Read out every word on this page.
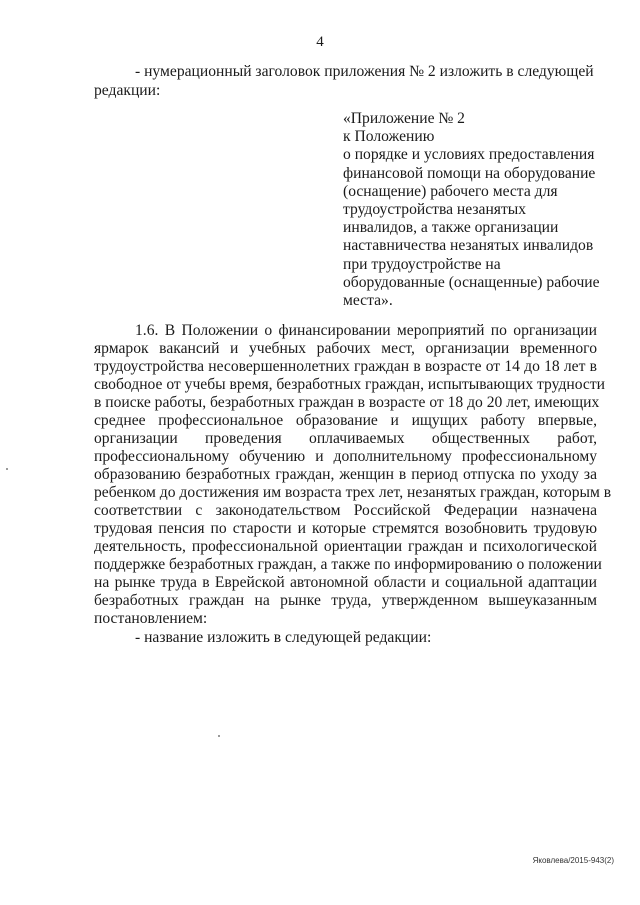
4
- нумерационный заголовок приложения № 2 изложить в следующей
редакции:
«Приложение № 2
к Положению
о порядке и условиях предоставления
финансовой помощи на оборудование
(оснащение) рабочего места для
трудоустройства незанятых
инвалидов, а также организации
наставничества незанятых инвалидов
при трудоустройстве на
оборудованные (оснащенные) рабочие
места».
1.6. В Положении о финансировании мероприятий по организации
ярмарок вакансий и учебных рабочих мест, организации временного
трудоустройства несовершеннолетних граждан в возрасте от 14 до 18 лет в
свободное от учебы время, безработных граждан, испытывающих трудности
в поиске работы, безработных граждан в возрасте от 18 до 20 лет, имеющих
среднее профессиональное образование и ищущих работу впервые,
организации проведения оплачиваемых общественных работ,
профессиональному обучению и дополнительному профессиональному
образованию безработных граждан, женщин в период отпуска по уходу за
ребенком до достижения им возраста трех лет, незанятых граждан, которым в
соответствии с законодательством Российской Федерации назначена
трудовая пенсия по старости и которые стремятся возобновить трудовую
деятельность, профессиональной ориентации граждан и психологической
поддержке безработных граждан, а также по информированию о положении
на рынке труда в Еврейской автономной области и социальной адаптации
безработных граждан на рынке труда, утвержденном вышеуказанным
постановлением:
- название изложить в следующей редакции:
Яковлева/2015-943(2)
